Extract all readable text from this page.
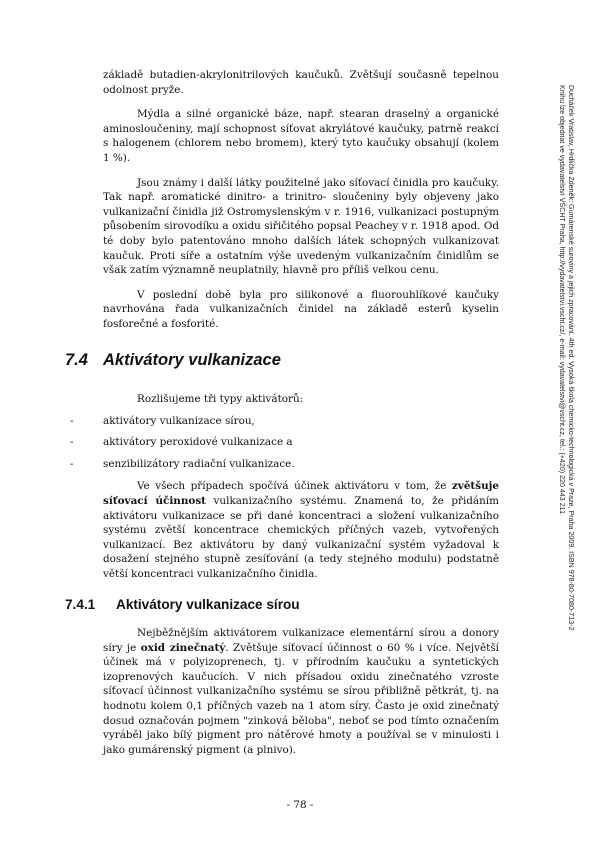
Ducháček Vratislav, Hrdlička Zdeněk: Gumárenské suroviny a jejich zpracování. 4th ed. Vysoká škola chemicko-technologická v Praze, Praha 2009. ISBN 978-80-7080-713-2
Knihu lze objednat ve vydavatelství VŠCHT Praha, http://vydavatelstvi.vscht.cz/, e-mail: vydavatelstvi@vscht.cz, tel.: (+420) 220 443 211

základě butadien-akrylonitrilových kaučuků. Zvětšují současně tepelnou odolnost pryže.

Mýdla a silné organické báze, např. stearan draselný a organické aminosloučeniny, mají schopnost síťovat akrylátové kaučuky, patrně reakcí s halogenem (chlorem nebo bromem), který tyto kaučuky obsahují (kolem 1 %).

Jsou známy i další látky použitelné jako síťovací činidla pro kaučuky. Tak např. aromatické dinitro- a trinitro- sloučeniny byly objeveny jako vulkanizační činidla již Ostromyslenským v r. 1916, vulkanizaci postupným působením sirovodíku a oxidu siřičitého popsal Peachey v r. 1918 apod. Od té doby bylo patentováno mnoho dalších látek schopných vulkanizovat kaučuk. Proti síře a ostatním výše uvedeným vulkanizačním činidlům se však zatím významně neuplatnily, hlavně pro příliš velkou cenu.

V poslední době byla pro silikonové a fluorouhlíkové kaučuky navrhována řada vulkanizačních činidel na základě esterů kyselin fosforečné a fosforité.

7.4 Aktivátory vulkanizace

Rozlišujeme tři typy aktivátorů:

-	aktivátory vulkanizace sírou,
-	aktivátory peroxidové vulkanizace a
-	senzibilizátory radiační vulkanizace.

Ve všech případech spočívá účinek aktivátoru v tom, že zvětšuje síťovací účinnost vulkanizačního systému. Znamená to, že přidáním aktivátoru vulkanizace se při dané koncentraci a složení vulkanizačního systému zvětší koncentrace chemických příčných vazeb, vytvořených vulkanizací. Bez aktivátoru by daný vulkanizační systém vyžadoval k dosažení stejného stupně zesíťování (a tedy stejného modulu) podstatně větší koncentraci vulkanizačního činidla.

7.4.1 Aktivátory vulkanizace sírou

Nejběžnějším aktivátorem vulkanizace elementární sírou a donory síry je oxid zinečnatý. Zvětšuje síťovací účinnost o 60 % i více. Největší účinek má v polyizoprenech, tj. v přírodním kaučuku a syntetických izoprenových kaučucích. V nich přísadou oxidu zinečnatého vzroste síťovací účinnost vulkanizačního systému se sírou přibližně pětkrát, tj. na hodnotu kolem 0,1 příčných vazeb na 1 atom síry. Často je oxid zinečnatý dosud označován pojmem "zinková běloba", neboť se pod tímto označením vyráběl jako bílý pigment pro nátěrové hmoty a používal se v minulosti i jako gumárenský pigment (a plnivo).

- 78 -
